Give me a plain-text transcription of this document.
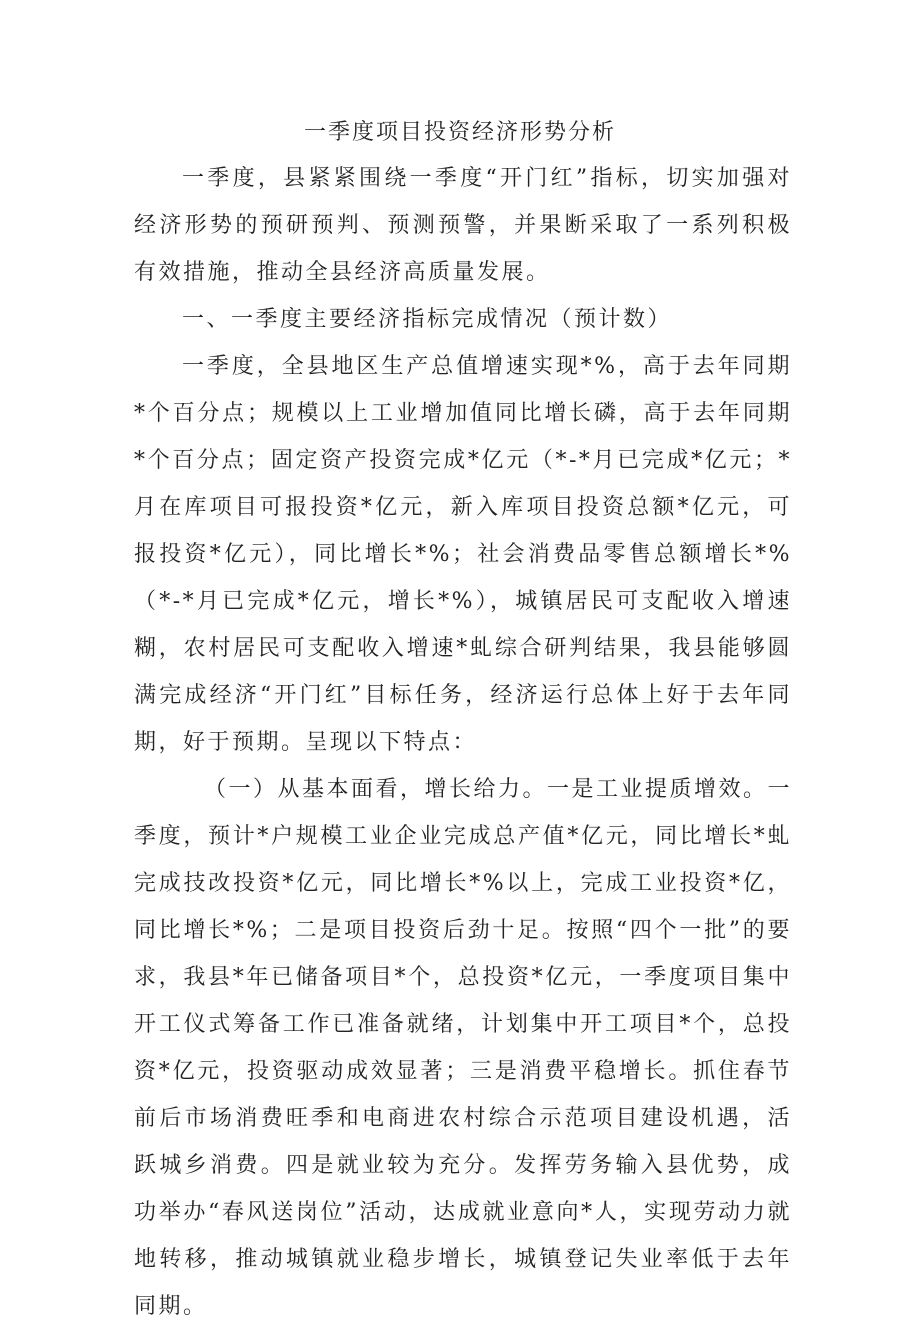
一季度项目投资经济形势分析

一季度，县紧紧围绕一季度“开门红”指标，切实加强对经济形势的预研预判、预测预警，并果断采取了一系列积极有效措施，推动全县经济高质量发展。

一、一季度主要经济指标完成情况（预计数）

一季度，全县地区生产总值增速实现*%，高于去年同期*个百分点；规模以上工业增加值同比增长磷，高于去年同期*个百分点；固定资产投资完成*亿元（*-*月已完成*亿元；*月在库项目可报投资*亿元，新入库项目投资总额*亿元，可报投资*亿元），同比增长*%；社会消费品零售总额增长*%（*-*月已完成*亿元，增长*%），城镇居民可支配收入增速糊，农村居民可支配收入增速*虬综合研判结果，我县能够圆满完成经济“开门红”目标任务，经济运行总体上好于去年同期，好于预期。呈现以下特点：

（一）从基本面看，增长给力。一是工业提质增效。一季度，预计*户规模工业企业完成总产值*亿元，同比增长*虬完成技改投资*亿元，同比增长*%以上，完成工业投资*亿，同比增长*%；二是项目投资后劲十足。按照“四个一批”的要求，我县*年已储备项目*个，总投资*亿元，一季度项目集中开工仪式筹备工作已准备就绪，计划集中开工项目*个，总投资*亿元，投资驱动成效显著；三是消费平稳增长。抓住春节前后市场消费旺季和电商进农村综合示范项目建设机遇，活跃城乡消费。四是就业较为充分。发挥劳务输入县优势，成功举办“春风送岗位”活动，达成就业意向*人，实现劳动力就地转移，推动城镇就业稳步增长，城镇登记失业率低于去年同期。
